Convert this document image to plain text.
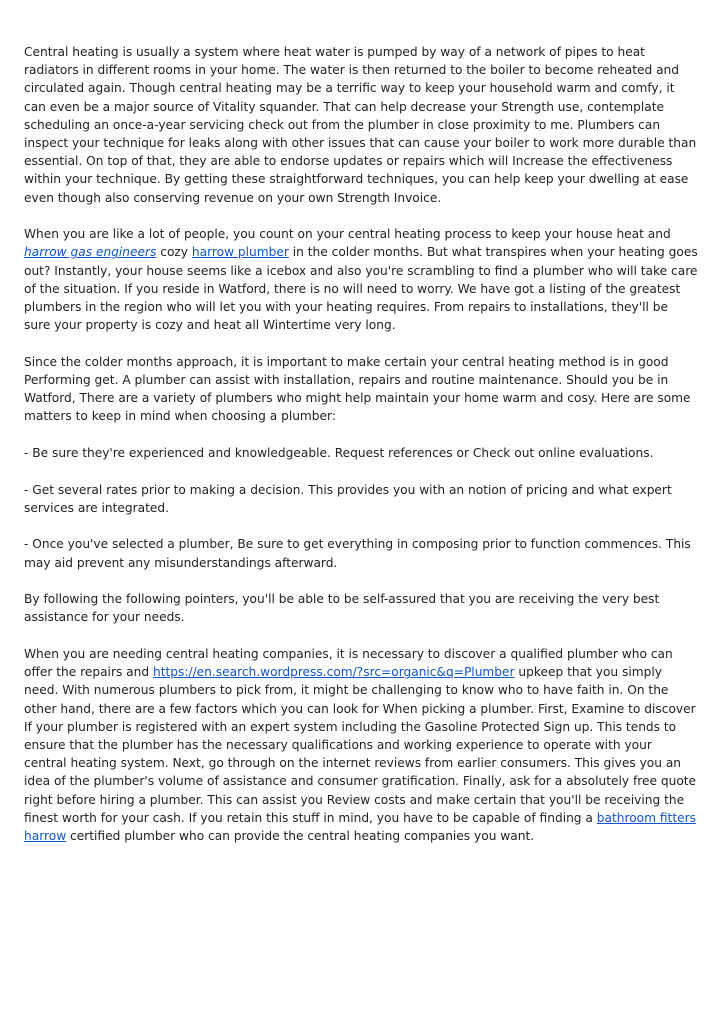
Central heating is usually a system where heat water is pumped by way of a network of pipes to heat radiators in different rooms in your home. The water is then returned to the boiler to become reheated and circulated again. Though central heating may be a terrific way to keep your household warm and comfy, it can even be a major source of Vitality squander. That can help decrease your Strength use, contemplate scheduling an once-a-year servicing check out from the plumber in close proximity to me. Plumbers can inspect your technique for leaks along with other issues that can cause your boiler to work more durable than essential. On top of that, they are able to endorse updates or repairs which will Increase the effectiveness within your technique. By getting these straightforward techniques, you can help keep your dwelling at ease even though also conserving revenue on your own Strength Invoice.

When you are like a lot of people, you count on your central heating process to keep your house heat and harrow gas engineers cozy harrow plumber in the colder months. But what transpires when your heating goes out? Instantly, your house seems like a icebox and also you're scrambling to find a plumber who will take care of the situation. If you reside in Watford, there is no will need to worry. We have got a listing of the greatest plumbers in the region who will let you with your heating requires. From repairs to installations, they'll be sure your property is cozy and heat all Wintertime very long.

Since the colder months approach, it is important to make certain your central heating method is in good Performing get. A plumber can assist with installation, repairs and routine maintenance. Should you be in Watford, There are a variety of plumbers who might help maintain your home warm and cosy. Here are some matters to keep in mind when choosing a plumber:

- Be sure they're experienced and knowledgeable. Request references or Check out online evaluations.

- Get several rates prior to making a decision. This provides you with an notion of pricing and what expert services are integrated.

- Once you've selected a plumber, Be sure to get everything in composing prior to function commences. This may aid prevent any misunderstandings afterward.

By following the following pointers, you'll be able to be self-assured that you are receiving the very best assistance for your needs.

When you are needing central heating companies, it is necessary to discover a qualified plumber who can offer the repairs and https://en.search.wordpress.com/?src=organic&q=Plumber upkeep that you simply need. With numerous plumbers to pick from, it might be challenging to know who to have faith in. On the other hand, there are a few factors which you can look for When picking a plumber. First, Examine to discover If your plumber is registered with an expert system including the Gasoline Protected Sign up. This tends to ensure that the plumber has the necessary qualifications and working experience to operate with your central heating system. Next, go through on the internet reviews from earlier consumers. This gives you an idea of the plumber's volume of assistance and consumer gratification. Finally, ask for a absolutely free quote right before hiring a plumber. This can assist you Review costs and make certain that you'll be receiving the finest worth for your cash. If you retain this stuff in mind, you have to be capable of finding a bathroom fitters harrow certified plumber who can provide the central heating companies you want.
